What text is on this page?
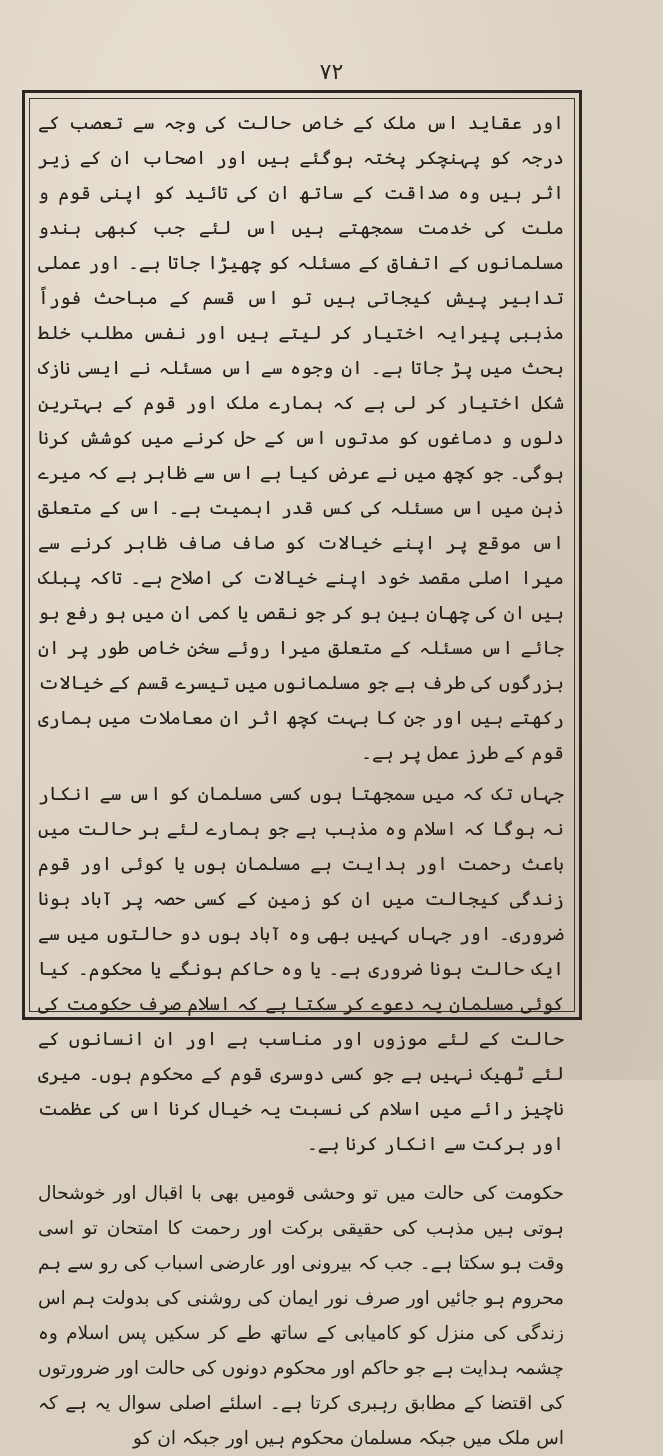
۷۲

اور عقاید اس ملک کے خاص حالت کی وجہ سے تعصب کے درجہ کو پہنچکر پختہ ہوگئے ہیں اور اصحاب ان کے زیر اثر ہیں وہ صداقت کے ساتھ ان کی تائید کو اپنی قوم و ملت کی خدمت سمجھتے ہیں اس لئے جب کبھی ہندو مسلمانوں کے اتفاق کے مسئلہ کو چھیڑا جاتا ہے۔ اور عملی تدابیر پیش کیجاتی ہیں تو اس قسم کے مباحث فوراً مذہبی پیرایہ اختیار کر لیتے ہیں اور نفس مطلب خلط بحث میں پڑ جاتا ہے۔ ان وجوہ سے اس مسئلہ نے ایسی نازک شکل اختیار کر لی ہے کہ ہمارے ملک اور قوم کے بہترین دلوں و دماغوں کو مدتوں اس کے حل کرنے میں کوشش کرنا ہوگی۔ جو کچھ میں نے عرض کیا ہے اس سے ظاہر ہے کہ میرے ذہن میں اس مسئلہ کی کس قدر اہمیت ہے۔ اس کے متعلق اس موقع پر اپنے خیالات کو صاف صاف ظاہر کرنے سے میرا اصلی مقصد خود اپنے خیالات کی اصلاح ہے۔ تاکہ پبلک ہیں ان کی چھان بین ہو کر جو نقص یا کمی ان میں ہو رفع ہو جائے اس مسئلہ کے متعلق میرا روئے سخن خاص طور پر ان بزرگوں کی طرف ہے جو مسلمانوں میں تیسرے قسم کے خیالات رکھتے ہیں اور جن کا بہت کچھ اثر ان معاملات میں ہماری قوم کے طرز عمل پر ہے۔

جہاں تک کہ میں سمجھتا ہوں کسی مسلمان کو اس سے انکار نہ ہوگا کہ اسلام وہ مذہب ہے جو ہمارے لئے ہر حالت میں باعث رحمت اور ہدایت ہے مسلمان ہوں یا کوئی اور قوم زندگی کیجالت میں ان کو زمین کے کسی حصہ پر آباد ہونا ضروری۔ اور جہاں کہیں بھی وہ آباد ہوں دو حالتوں میں سے ایک حالت ہونا ضروری ہے۔ یا وہ حاکم ہونگے یا محکوم۔ کیا کوئی مسلمان یہ دعوے کر سکتا ہے کہ اسلام صرف حکومت کی حالت کے لئے موزوں اور مناسب ہے اور ان انسانوں کے لئے ٹھیک نہیں ہے جو کسی دوسری قوم کے محکوم ہوں۔ میری ناچیز رائے میں اسلام کی نسبت یہ خیال کرنا اس کی عظمت اور برکت سے انکار کرنا ہے۔

حکومت کی حالت میں تو وحشی قومیں بھی با اقبال اور خوشحال ہوتی ہیں مذہب کی حقیقی برکت اور رحمت کا امتحان تو اسی وقت ہو سکتا ہے۔ جب کہ بیرونی اور عارضی اسباب کی رو سے ہم محروم ہو جائیں اور صرف نور ایمان کی روشنی کی بدولت ہم اس زندگی کی منزل کو کامیابی کے ساتھ طے کر سکیں پس اسلام وہ چشمہ ہدایت ہے جو حاکم اور محکوم دونوں کی حالت اور ضرورتوں کی اقتضا کے مطابق رہبری کرتا ہے۔ اسلئے اصلی سوال یہ ہے کہ اس ملک میں جبکہ مسلمان محکوم ہیں اور جبکہ ان کو
